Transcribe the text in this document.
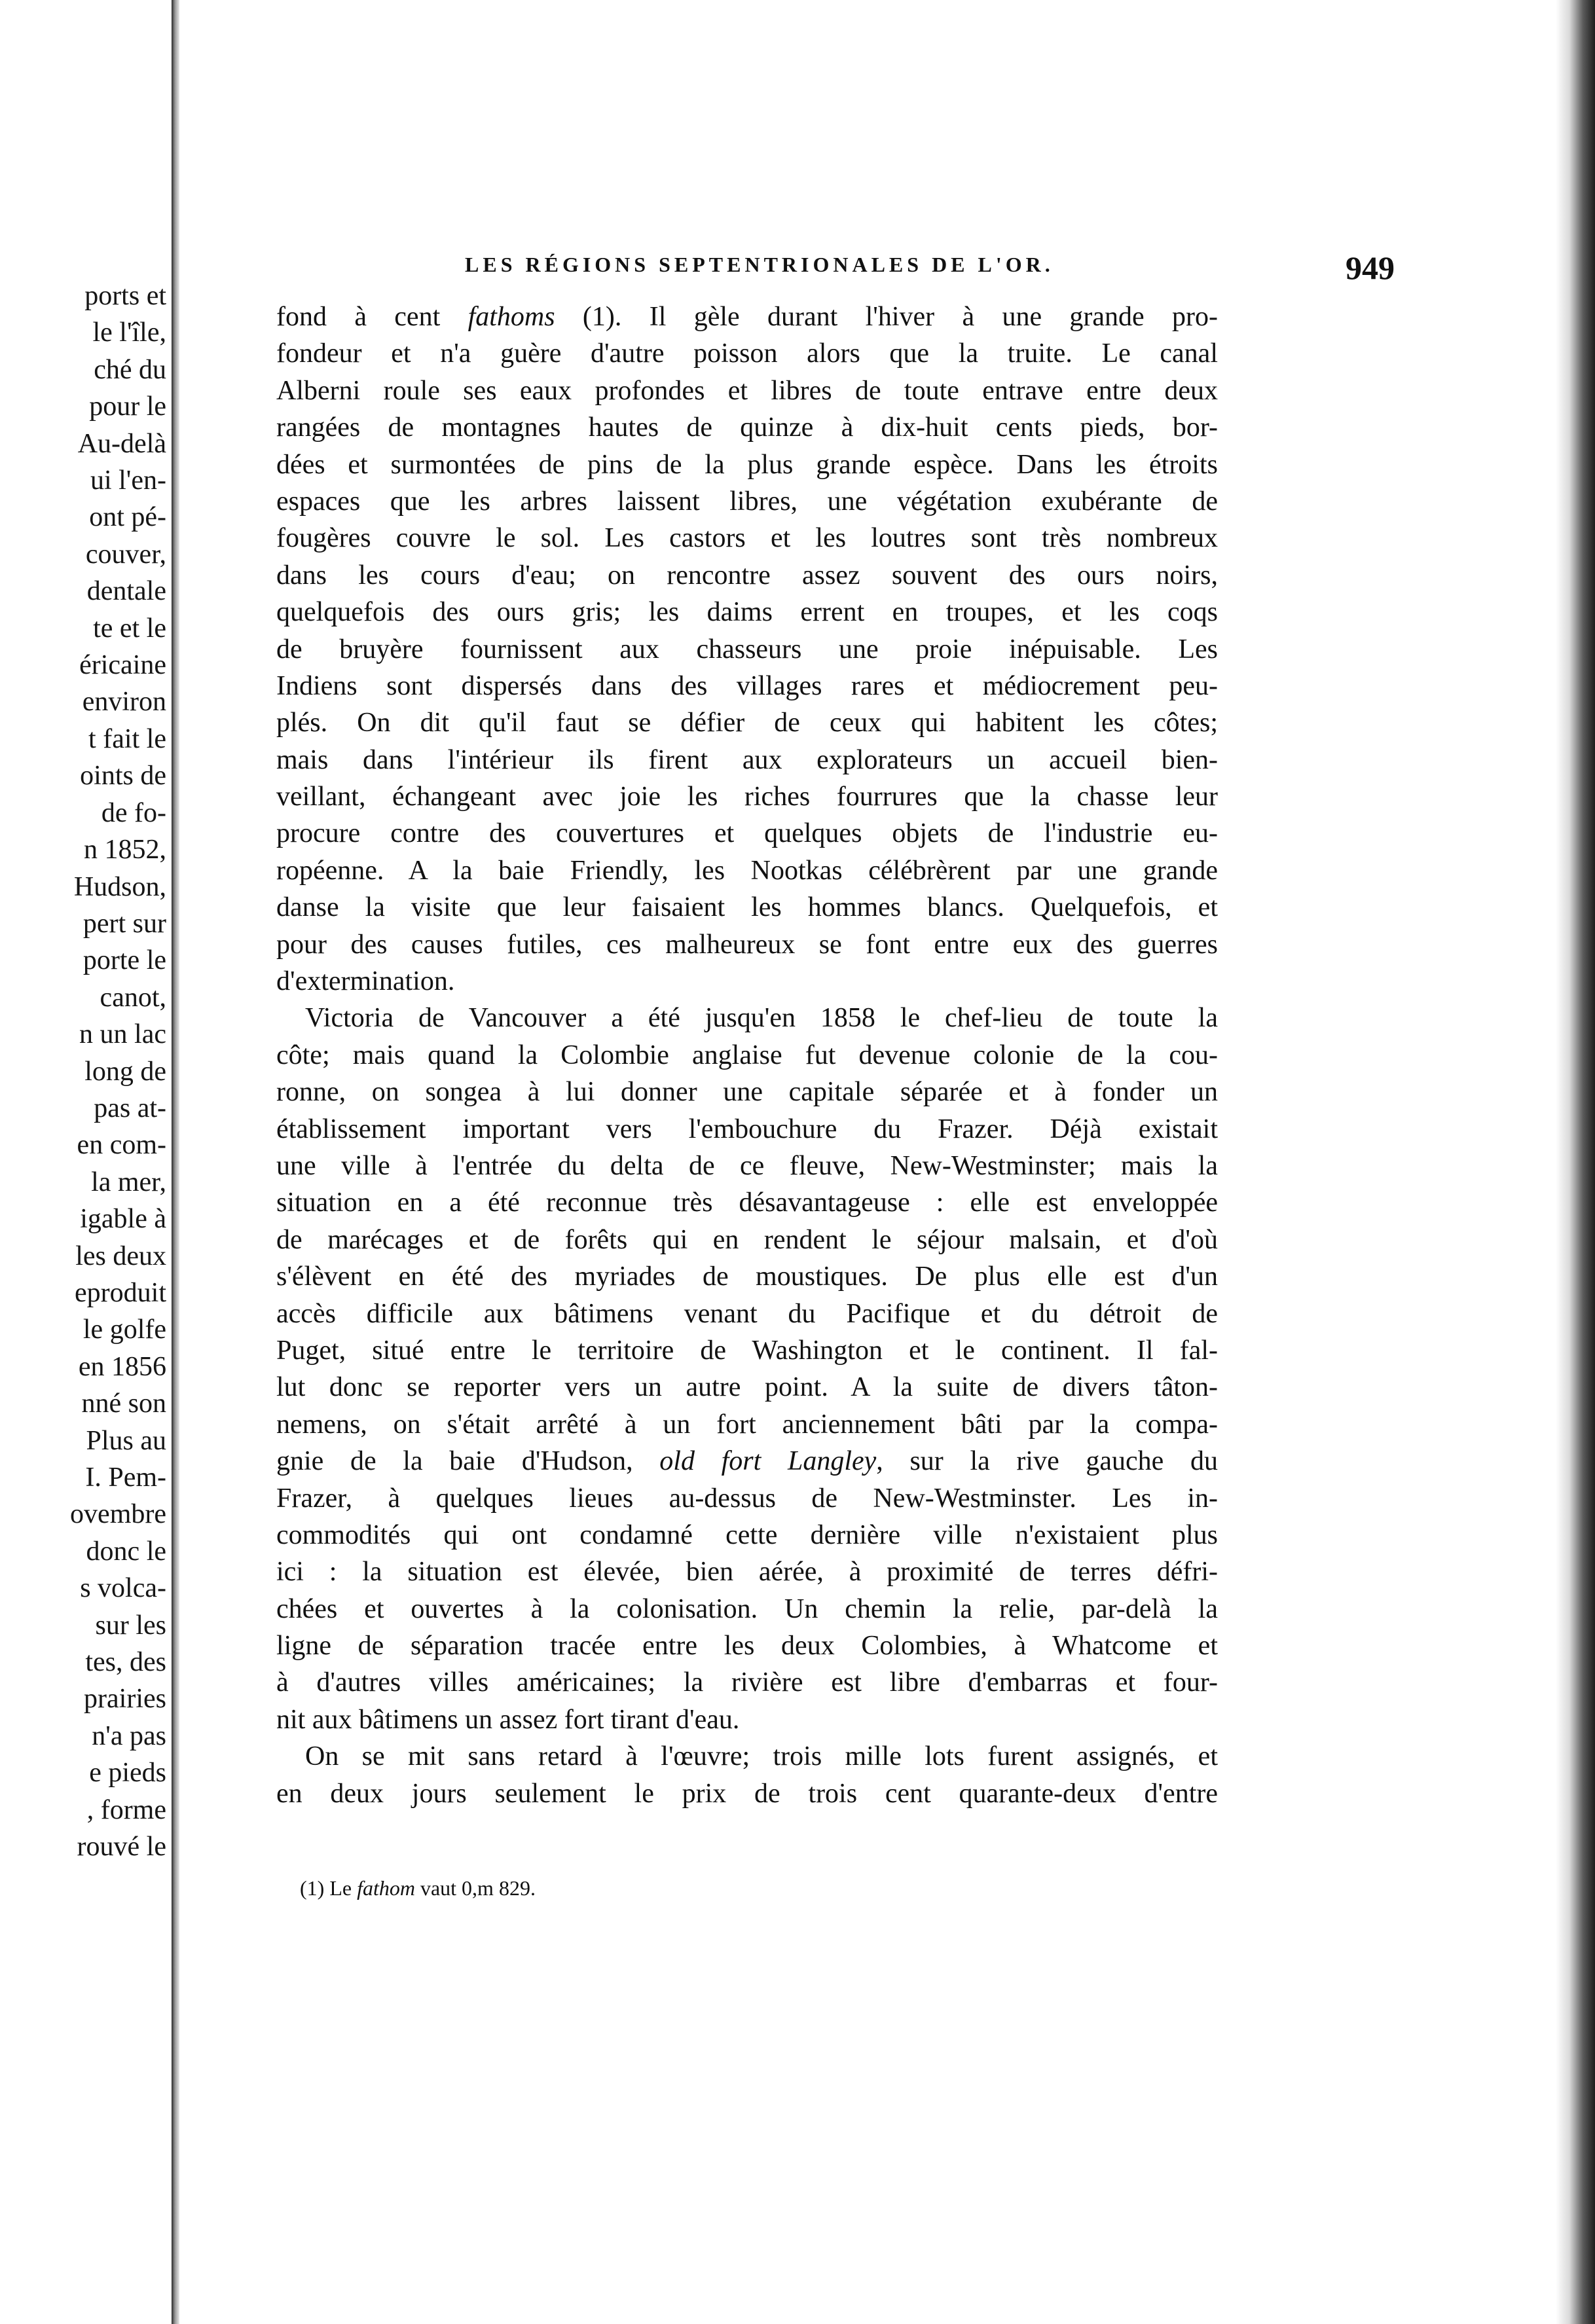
ports et
le l'île,
ché du
pour le
Au-delà
ui l'en-
ont pé-
couver,
dentale
te et le
éricaine
environ
t fait le
oints de
de fo-
n 1852,
Hudson,
pert sur
porte le
canot,
n un lac
long de
pas at-
en com-
la mer,
igable à
les deux
eproduit
le golfe
en 1856
nné son
Plus au
I. Pem-
ovembre
donc le
s volca-
sur les
tes, des
prairies
n'a pas
e pieds
, forme
rouvé le
LES RÉGIONS SEPTENTRIONALES DE L'OR.	949
fond à cent fathoms (1). Il gèle durant l'hiver à une grande pro-
fondeur et n'a guère d'autre poisson alors que la truite. Le canal
Alberni roule ses eaux profondes et libres de toute entrave entre deux
rangées de montagnes hautes de quinze à dix-huit cents pieds, bor-
dées et surmontées de pins de la plus grande espèce. Dans les étroits
espaces que les arbres laissent libres, une végétation exubérante de
fougères couvre le sol. Les castors et les loutres sont très nombreux
dans les cours d'eau; on rencontre assez souvent des ours noirs,
quelquefois des ours gris; les daims errent en troupes, et les coqs
de bruyère fournissent aux chasseurs une proie inépuisable. Les
Indiens sont dispersés dans des villages rares et médiocrement peu-
plés. On dit qu'il faut se défier de ceux qui habitent les côtes;
mais dans l'intérieur ils firent aux explorateurs un accueil bien-
veillant, échangeant avec joie les riches fourrures que la chasse leur
procure contre des couvertures et quelques objets de l'industrie eu-
ropéenne. A la baie Friendly, les Nootkas célébrèrent par une grande
danse la visite que leur faisaient les hommes blancs. Quelquefois, et
pour des causes futiles, ces malheureux se font entre eux des guerres
d'extermination.
Victoria de Vancouver a été jusqu'en 1858 le chef-lieu de toute la
côte; mais quand la Colombie anglaise fut devenue colonie de la cou-
ronne, on songea à lui donner une capitale séparée et à fonder un
établissement important vers l'embouchure du Frazer. Déjà existait
une ville à l'entrée du delta de ce fleuve, New-Westminster; mais la
situation en a été reconnue très désavantageuse : elle est enveloppée
de marécages et de forêts qui en rendent le séjour malsain, et d'où
s'élèvent en été des myriades de moustiques. De plus elle est d'un
accès difficile aux bâtimens venant du Pacifique et du détroit de
Puget, situé entre le territoire de Washington et le continent. Il fal-
lut donc se reporter vers un autre point. A la suite de divers tâton-
nemens, on s'était arrêté à un fort anciennement bâti par la compa-
gnie de la baie d'Hudson, old fort Langley, sur la rive gauche du
Frazer, à quelques lieues au-dessus de New-Westminster. Les in-
commodités qui ont condamné cette dernière ville n'existaient plus
ici : la situation est élevée, bien aérée, à proximité de terres défri-
chées et ouvertes à la colonisation. Un chemin la relie, par-delà la
ligne de séparation tracée entre les deux Colombies, à Whatcome et
à d'autres villes américaines; la rivière est libre d'embarras et four-
nit aux bâtimens un assez fort tirant d'eau.
On se mit sans retard à l'œuvre; trois mille lots furent assignés, et
en deux jours seulement le prix de trois cent quarante-deux d'entre
(1) Le fathom vaut 0,m 829.
